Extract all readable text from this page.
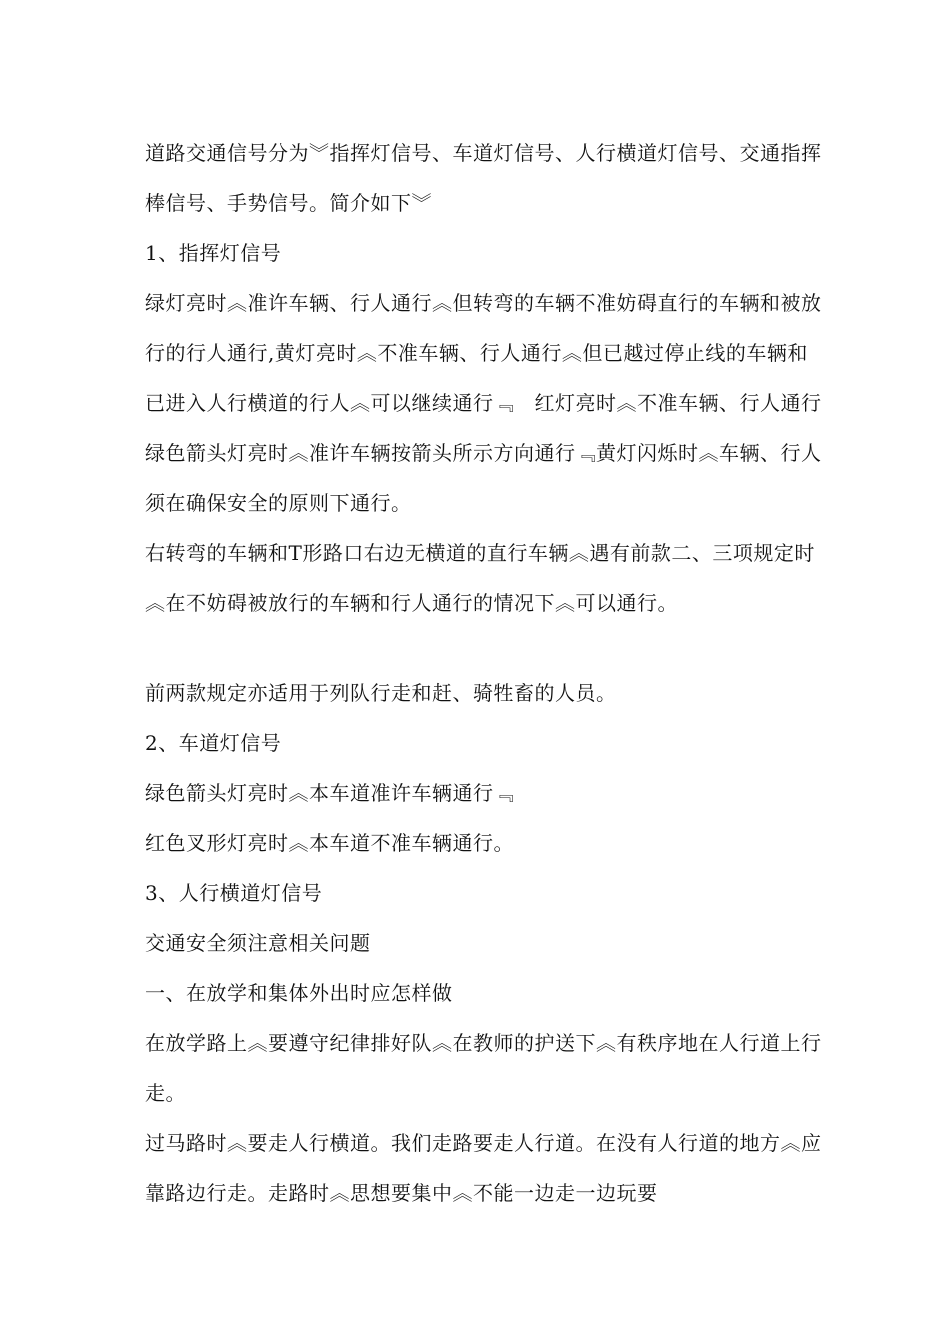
道路交通信号分为︾指挥灯信号、车道灯信号、人行横道灯信号、交通指挥棒信号、手势信号。简介如下︾

1、指挥灯信号

绿灯亮时︽准许车辆、行人通行︽但转弯的车辆不准妨碍直行的车辆和被放行的行人通行,黄灯亮时︽不准车辆、行人通行︽但已越过停止线的车辆和已进入人行横道的行人︽可以继续通行﹃　红灯亮时︽不准车辆、行人通行　绿色箭头灯亮时︽准许车辆按箭头所示方向通行﹃黄灯闪烁时︽车辆、行人须在确保安全的原则下通行。

右转弯的车辆和T形路口右边无横道的直行车辆︽遇有前款二、三项规定时︽在不妨碍被放行的车辆和行人通行的情况下︽可以通行。

前两款规定亦适用于列队行走和赶、骑牲畜的人员。

2、车道灯信号

绿色箭头灯亮时︽本车道准许车辆通行﹃

红色叉形灯亮时︽本车道不准车辆通行。

3、人行横道灯信号

交通安全须注意相关问题

一、在放学和集体外出时应怎样做

在放学路上︽要遵守纪律排好队︽在教师的护送下︽有秩序地在人行道上行走。

过马路时︽要走人行横道。我们走路要走人行道。在没有人行道的地方︽应靠路边行走。走路时︽思想要集中︽不能一边走一边玩要
